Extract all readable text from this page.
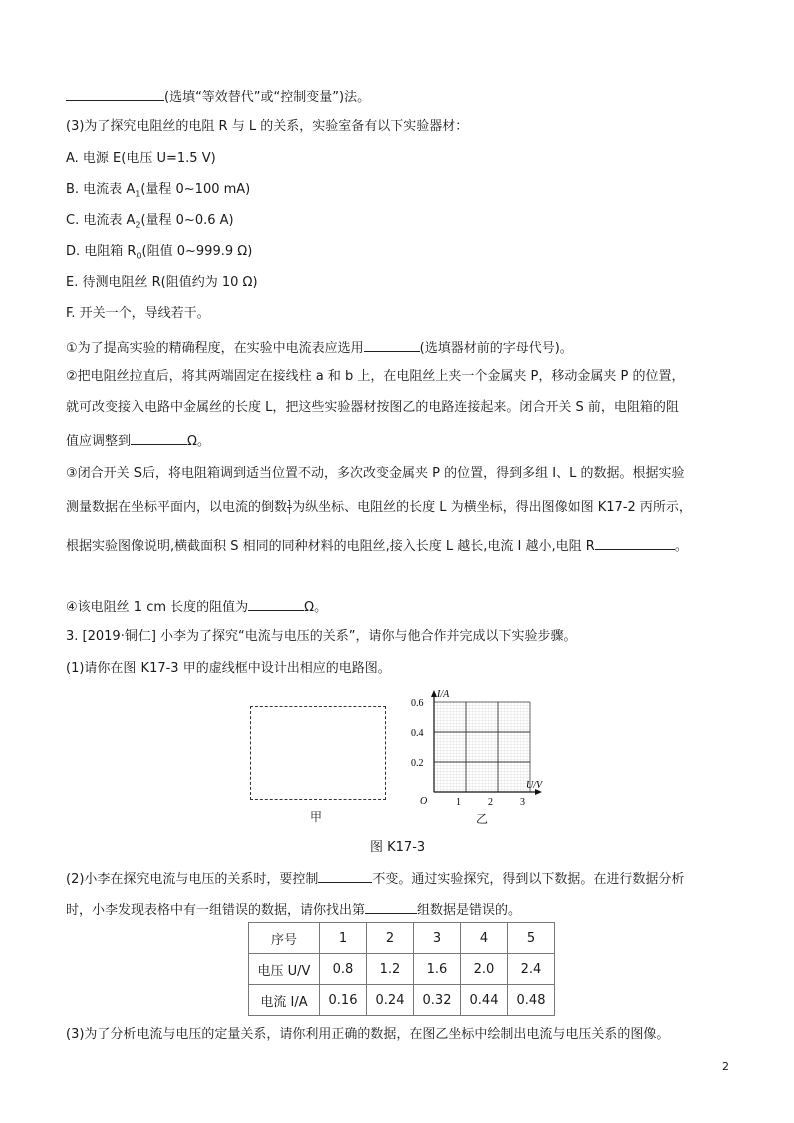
(选填“等效替代”或“控制变量”)法。
(3)为了探究电阻丝的电阻 R 与 L 的关系，实验室备有以下实验器材：
A. 电源 E(电压 U=1.5 V)
B. 电流表 $A_1$(量程 0~100 mA)
C. 电流表 $A_2$(量程 0~0.6 A)
D. 电阻箱 $R_0$(阻值 0~999.9 Ω)
E. 待测电阻丝 R(阻值约为 10 Ω)
F. 开关一个，导线若干。
①为了提高实验的精确程度，在实验中电流表应选用	(选填器材前的字母代号)。
②把电阻丝拉直后，将其两端固定在接线柱 a 和 b 上，在电阻丝上夹一个金属夹 P，移动金属夹 P 的位置，
就可改变接入电路中金属丝的长度 L，把这些实验器材按图乙的电路连接起来。闭合开关 S 前，电阻箱的阻
值应调整到	Ω。
③闭合开关 S后，将电阻箱调到适当位置不动，多次改变金属夹 P 的位置，得到多组 I、L 的数据。根据实验
测量数据在坐标平面内，以电流的倒数 $\frac{1}{I}$ 为纵坐标、电阻丝的长度 L 为横坐标，得出图像如图 K17-2 丙所示，
根据实验图像说明,横截面积 S 相同的同种材料的电阻丝,接入长度 L 越长,电流 I 越小,电阻 R	。
④该电阻丝 1 cm 长度的阻值为	Ω。
3. [2019·铜仁] 小李为了探究“电流与电压的关系”，请你与他合作并完成以下实验步骤。
(1)请你在图 K17-3 甲的虚线框中设计出相应的电路图。
甲
I/A
U/V
O
0.2
0.4
0.6
1	2	3
乙
图 K17-3
(2)小李在探究电流与电压的关系时，要控制	不变。通过实验探究，得到以下数据。在进行数据分析
时，小李发现表格中有一组错误的数据，请你找出第	组数据是错误的。
序号	1	2	3	4	5
电压 U/V	0.8	1.2	1.6	2.0	2.4
电流 I/A	0.16	0.24	0.32	0.44	0.48
(3)为了分析电流与电压的定量关系，请你利用正确的数据，在图乙坐标中绘制出电流与电压关系的图像。
2
